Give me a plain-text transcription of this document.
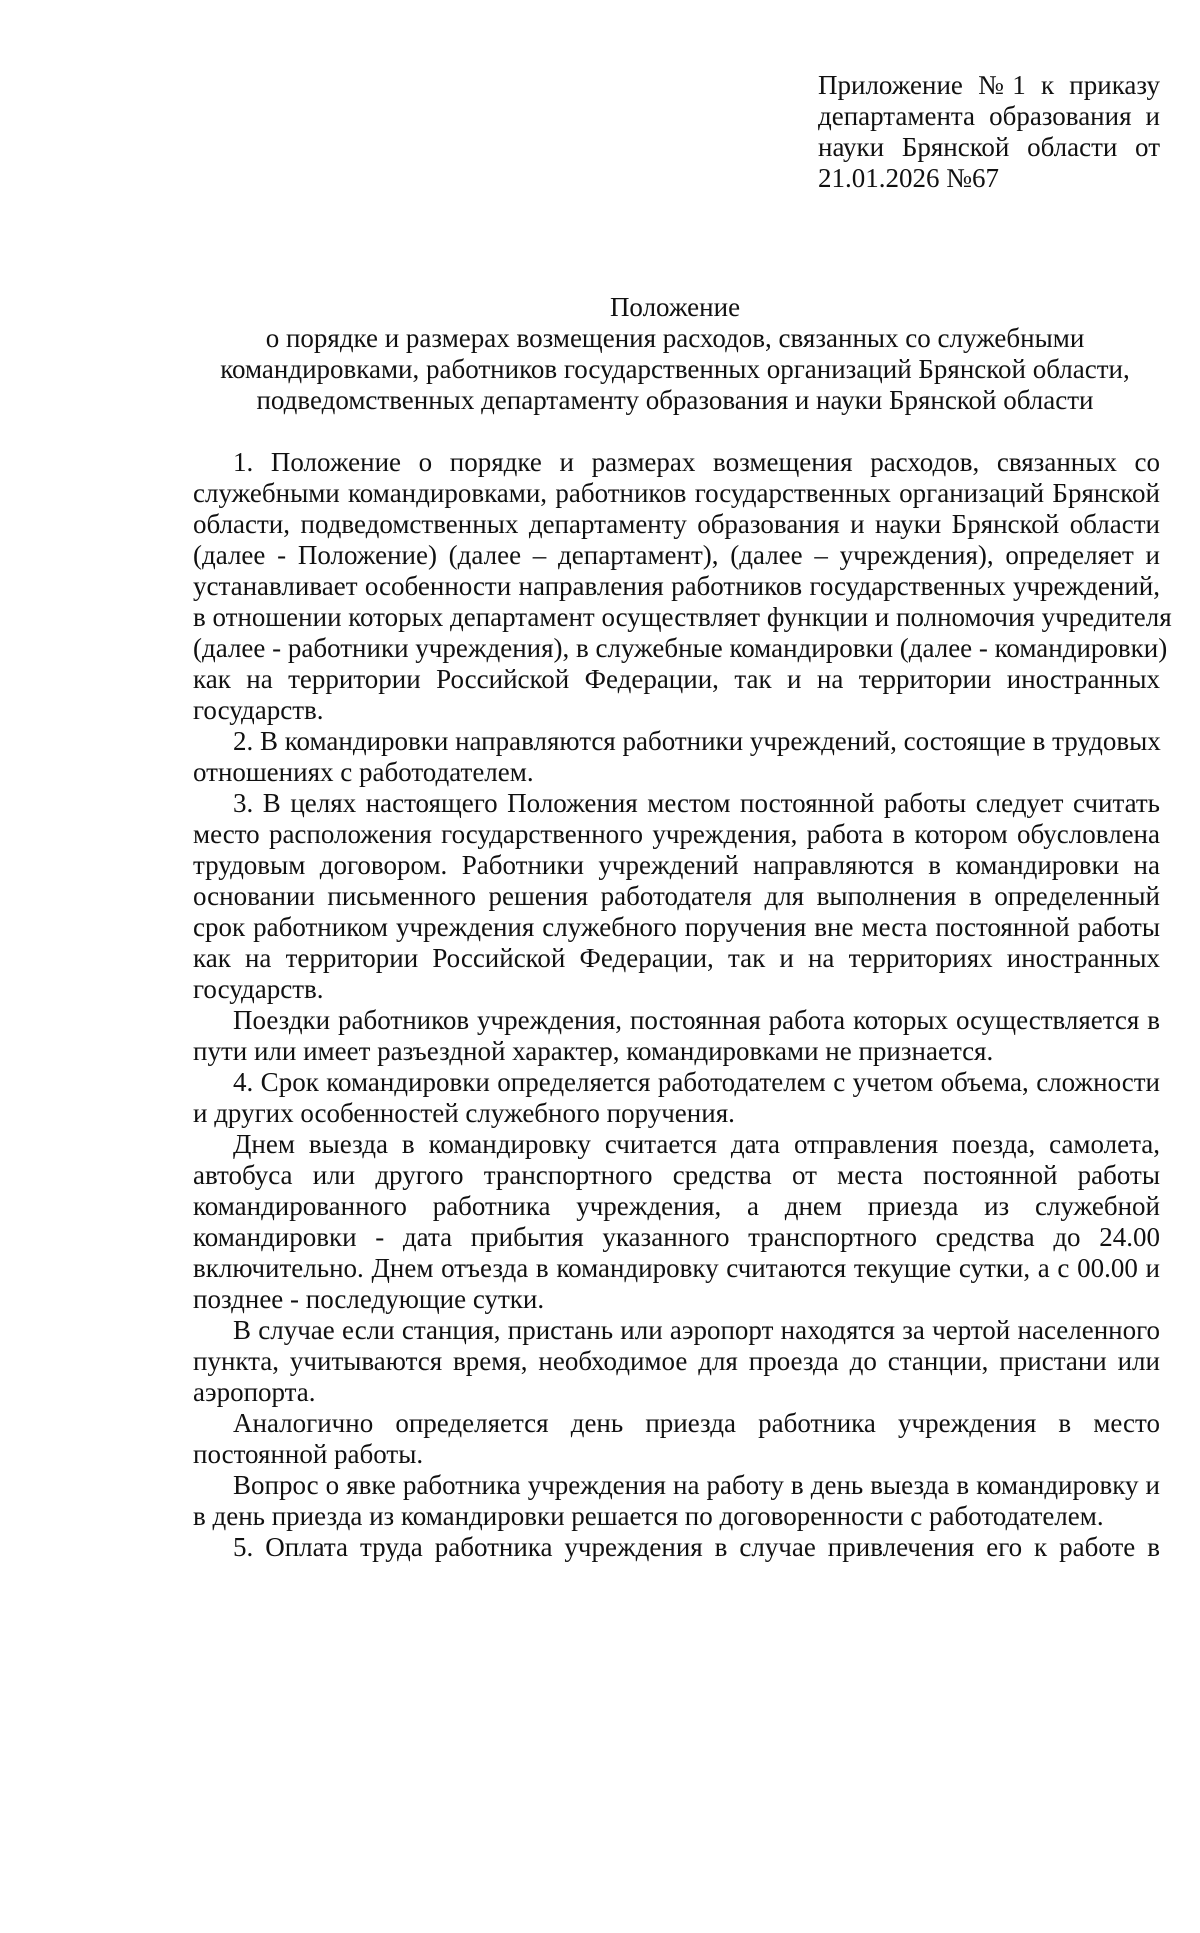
Приложение №1 к приказу
департамента образования и
науки Брянской области от
21.01.2026 №67
Положение
о порядке и размерах возмещения расходов, связанных со служебными
командировками, работников государственных организаций Брянской области,
подведомственных департаменту образования и науки Брянской области
1. Положение о порядке и размерах возмещения расходов, связанных со
служебными командировками, работников государственных организаций Брянской
области, подведомственных департаменту образования и науки Брянской области
(далее - Положение) (далее – департамент), (далее – учреждения), определяет и
устанавливает особенности направления работников государственных учреждений,
в отношении которых департамент осуществляет функции и полномочия учредителя
(далее - работники учреждения), в служебные командировки (далее - командировки)
как на территории Российской Федерации, так и на территории иностранных
государств.
2. В командировки направляются работники учреждений, состоящие в трудовых
отношениях с работодателем.
3. В целях настоящего Положения местом постоянной работы следует считать
место расположения государственного учреждения, работа в котором обусловлена
трудовым договором. Работники учреждений направляются в командировки на
основании письменного решения работодателя для выполнения в определенный
срок работником учреждения служебного поручения вне места постоянной работы
как на территории Российской Федерации, так и на территориях иностранных
государств.
Поездки работников учреждения, постоянная работа которых осуществляется в
пути или имеет разъездной характер, командировками не признается.
4. Срок командировки определяется работодателем с учетом объема, сложности
и других особенностей служебного поручения.
Днем выезда в командировку считается дата отправления поезда, самолета,
автобуса или другого транспортного средства от места постоянной работы
командированного работника учреждения, а днем приезда из служебной
командировки - дата прибытия указанного транспортного средства до 24.00
включительно. Днем отъезда в командировку считаются текущие сутки, а с 00.00 и
позднее - последующие сутки.
В случае если станция, пристань или аэропорт находятся за чертой населенного
пункта, учитываются время, необходимое для проезда до станции, пристани или
аэропорта.
Аналогично определяется день приезда работника учреждения в место
постоянной работы.
Вопрос о явке работника учреждения на работу в день выезда в командировку и
в день приезда из командировки решается по договоренности с работодателем.
5. Оплата труда работника учреждения в случае привлечения его к работе в
